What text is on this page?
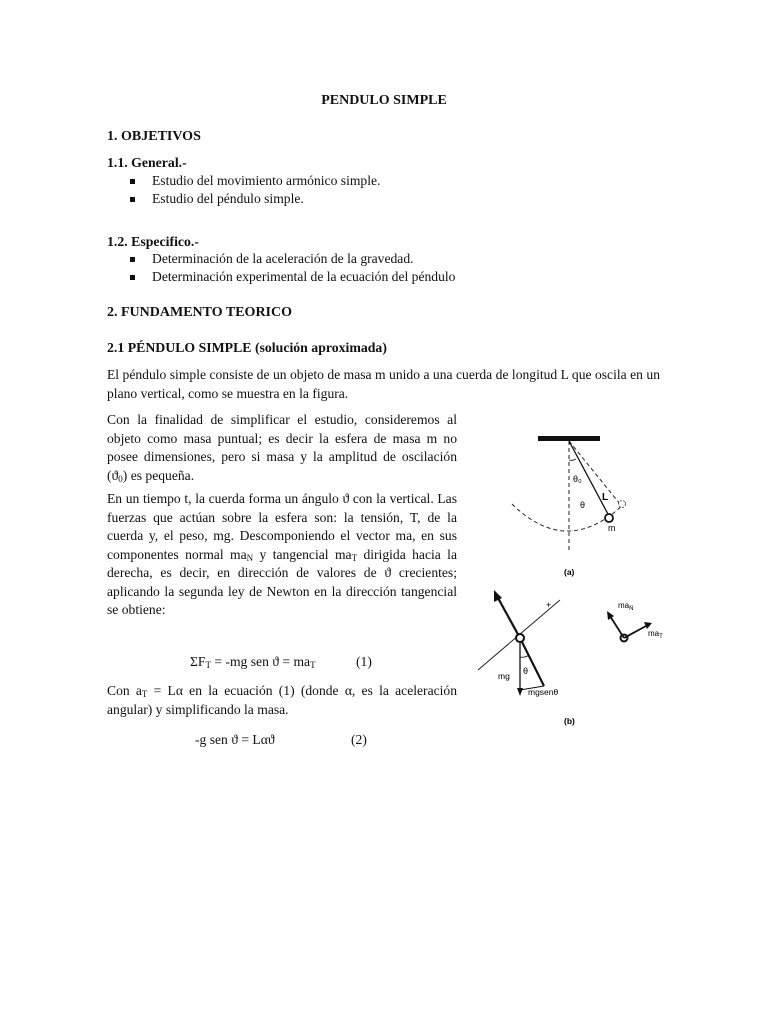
PENDULO SIMPLE
1. OBJETIVOS
1.1. General.-
Estudio del movimiento armónico simple.
Estudio del péndulo simple.
1.2. Especifico.-
Determinación de la aceleración de la gravedad.
Determinación experimental de la ecuación del péndulo
2. FUNDAMENTO TEORICO
2.1 PÉNDULO SIMPLE (solución aproximada)

El péndulo simple consiste de un objeto de masa m unido a una cuerda de longitud L que oscila en un plano vertical, como se muestra en la figura.

Con la finalidad de simplificar el estudio, consideremos al objeto como masa puntual; es decir la esfera de masa m no posee dimensiones, pero si masa y la amplitud de oscilación $(ϑ_0)$ es pequeña.

En un tiempo t, la cuerda forma un ángulo ϑ con la vertical. Las fuerzas que actúan sobre la esfera son: la tensión, T, de la cuerda y, el peso, mg. Descomponiendo el vector ma, en sus componentes normal $ma_N$ y tangencial $ma_T$ dirigida hacia la derecha, es decir, en dirección de valores de ϑ crecientes; aplicando la segunda ley de Newton en la dirección tangencial se obtiene:

$\Sigma F_T = -mg$ sen $ϑ = ma_T$	(1)

Con $a_T = L\alpha$ en la ecuación (1) (donde α, es la aceleración angular) y simplificando la masa.

-g sen ϑ = Lαϑ	(2)
θ₀
θ
L
m
(a)
θ
mg
mgsenθ
+
(b)
$ma_N$
$ma_T$
